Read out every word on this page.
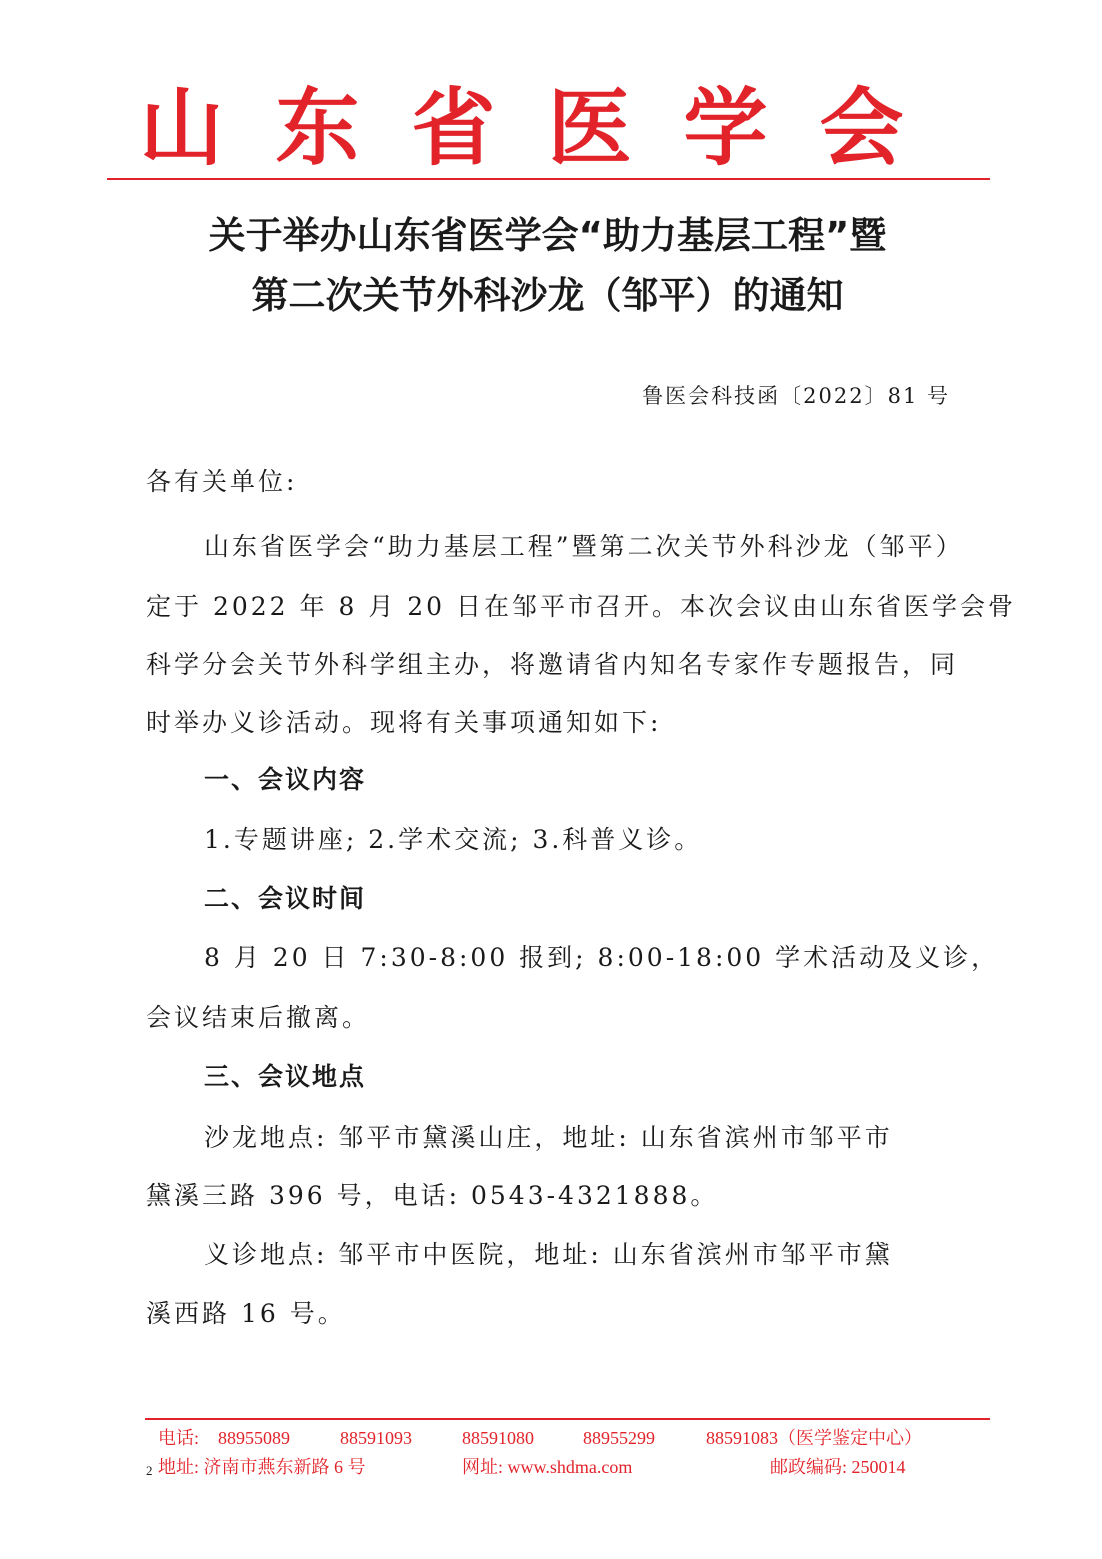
山东省医学会
关于举办山东省医学会“助力基层工程”暨
第二次关节外科沙龙（邹平）的通知
鲁医会科技函〔2022〕81 号
各有关单位:
山东省医学会“助力基层工程”暨第二次关节外科沙龙（邹平）
定于 2022 年 8 月 20 日在邹平市召开。本次会议由山东省医学会骨
科学分会关节外科学组主办，将邀请省内知名专家作专题报告，同
时举办义诊活动。现将有关事项通知如下:
一、会议内容
1.专题讲座; 2.学术交流; 3.科普义诊。
二、会议时间
8 月 20 日 7:30-8:00 报到; 8:00-18:00 学术活动及义诊，
会议结束后撤离。
三、会议地点
沙龙地点: 邹平市黛溪山庄，地址: 山东省滨州市邹平市
黛溪三路 396 号，电话: 0543-4321888。
义诊地点: 邹平市中医院，地址: 山东省滨州市邹平市黛
溪西路 16 号。
电话: 88955089	88591093	88591080	88955299	88591083（医学鉴定中心）
2 地址: 济南市燕东新路 6 号	网址: www.shdma.com	邮政编码: 250014
